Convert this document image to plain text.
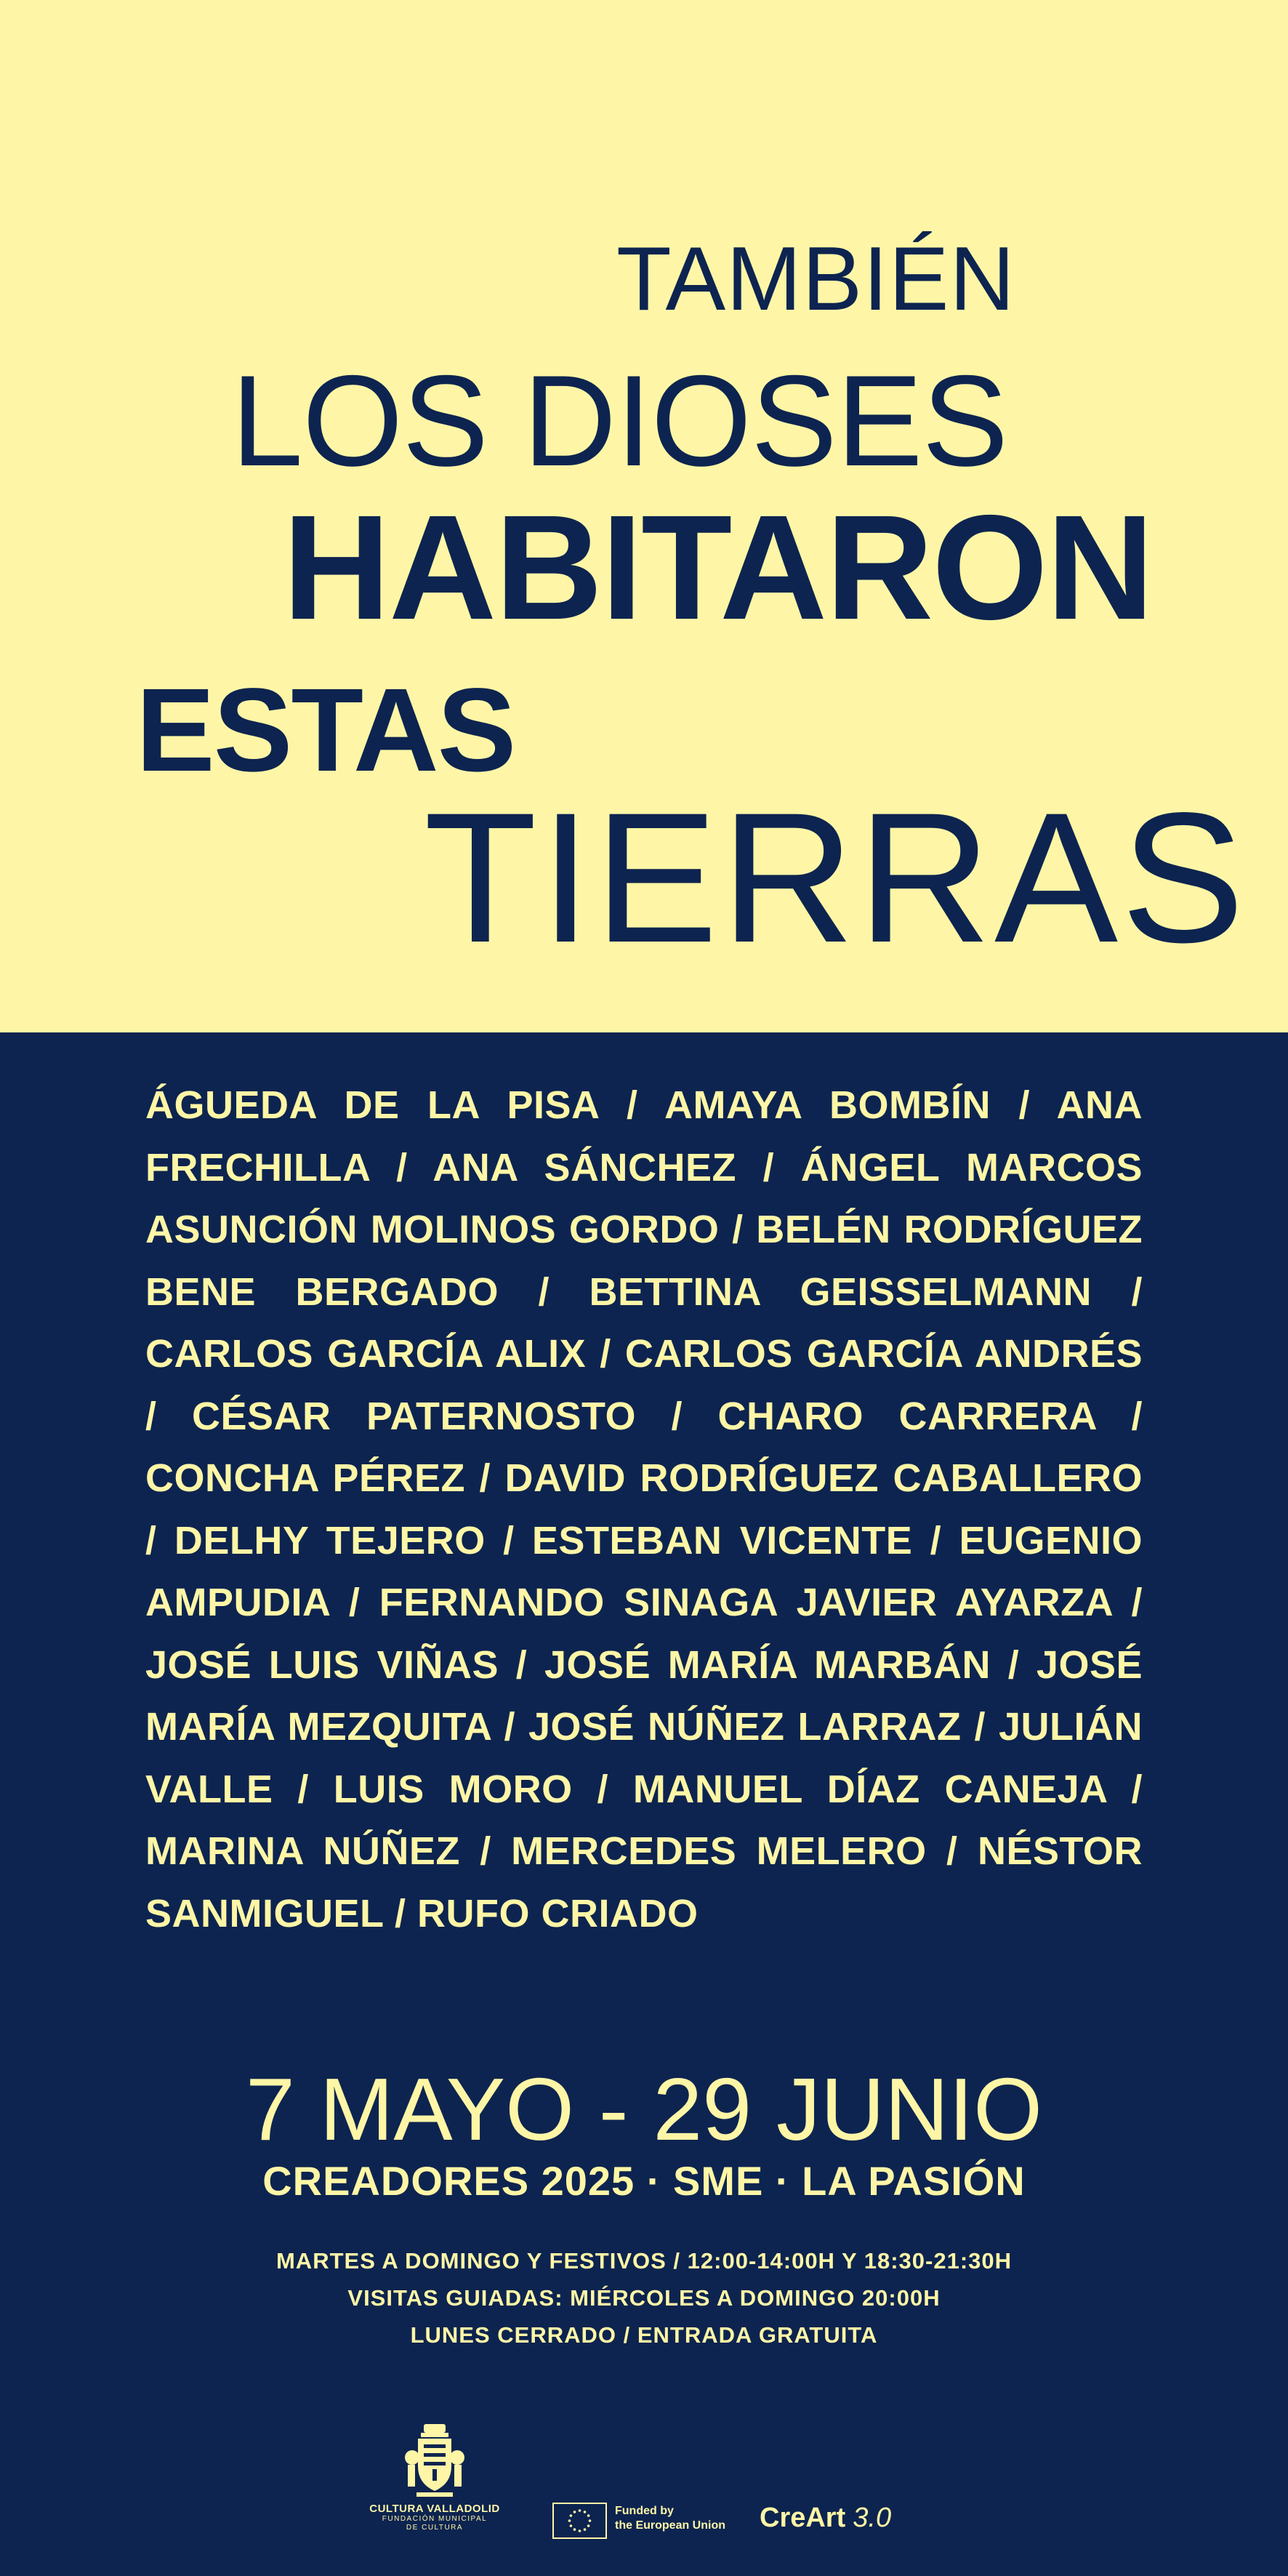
TAMBIÉN
LOS DIOSES
HABITARON
ESTAS
TIERRAS
ÁGUEDA DE LA PISA / AMAYA BOMBÍN / ANA FRECHILLA / ANA SÁNCHEZ / ÁNGEL MARCOS ASUNCIÓN MOLINOS GORDO / BELÉN RODRÍGUEZ BENE BERGADO / BETTINA GEISSELMANN / CARLOS GARCÍA ALIX / CARLOS GARCÍA ANDRÉS / CÉSAR PATERNOSTO / CHARO CARRERA / CONCHA PÉREZ / DAVID RODRÍGUEZ CABALLERO / DELHY TEJERO / ESTEBAN VICENTE / EUGENIO AMPUDIA / FERNANDO SINAGA JAVIER AYARZA / JOSÉ LUIS VIÑAS / JOSÉ MARÍA MARBÁN / JOSÉ MARÍA MEZQUITA / JOSÉ NÚÑEZ LARRAZ / JULIÁN VALLE / LUIS MORO / MANUEL DÍAZ CANEJA / MARINA NÚÑEZ / MERCEDES MELERO / NÉSTOR SANMIGUEL / RUFO CRIADO
7 MAYO - 29 JUNIO
CREADORES 2025 · SME · LA PASIÓN
MARTES A DOMINGO Y FESTIVOS / 12:00-14:00H Y 18:30-21:30H
VISITAS GUIADAS: MIÉRCOLES A DOMINGO 20:00H
LUNES CERRADO / ENTRADA GRATUITA
CULTURA VALLADOLID
FUNDACIÓN MUNICIPAL
DE CULTURA
Funded by
the European Union CreArt 3.0
